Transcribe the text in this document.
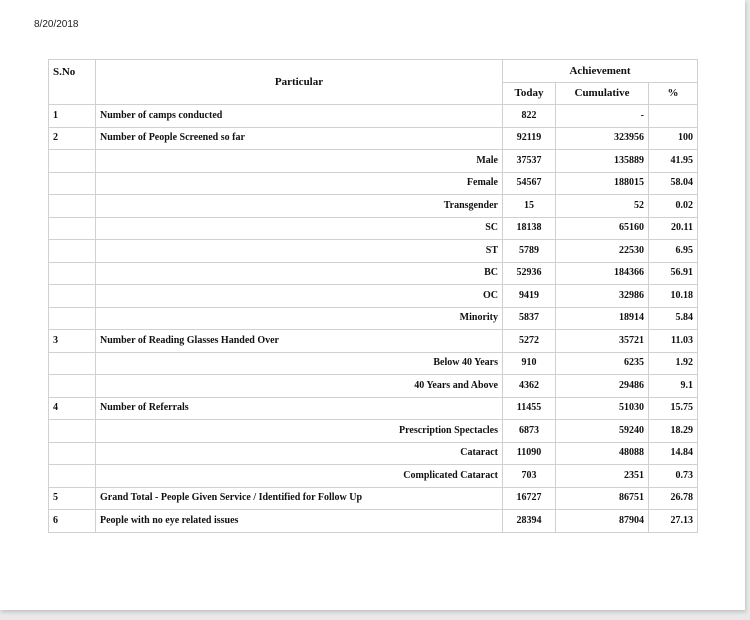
8/20/2018
S.No	Particular	Achievement		
		Today	Cumulative	%
1	Number of camps conducted	822	-	
2	Number of People Screened so far	92119	323956	100
	Male	37537	135889	41.95
	Female	54567	188015	58.04
	Transgender	15	52	0.02
	SC	18138	65160	20.11
	ST	5789	22530	6.95
	BC	52936	184366	56.91
	OC	9419	32986	10.18
	Minority	5837	18914	5.84
3	Number of Reading Glasses Handed Over	5272	35721	11.03
	Below 40 Years	910	6235	1.92
	40 Years and Above	4362	29486	9.1
4	Number of Referrals	11455	51030	15.75
	Prescription Spectacles	6873	59240	18.29
	Cataract	11090	48088	14.84
	Complicated Cataract	703	2351	0.73
5	Grand Total - People Given Service / Identified for Follow Up	16727	86751	26.78
6	People with no eye related issues	28394	87904	27.13
